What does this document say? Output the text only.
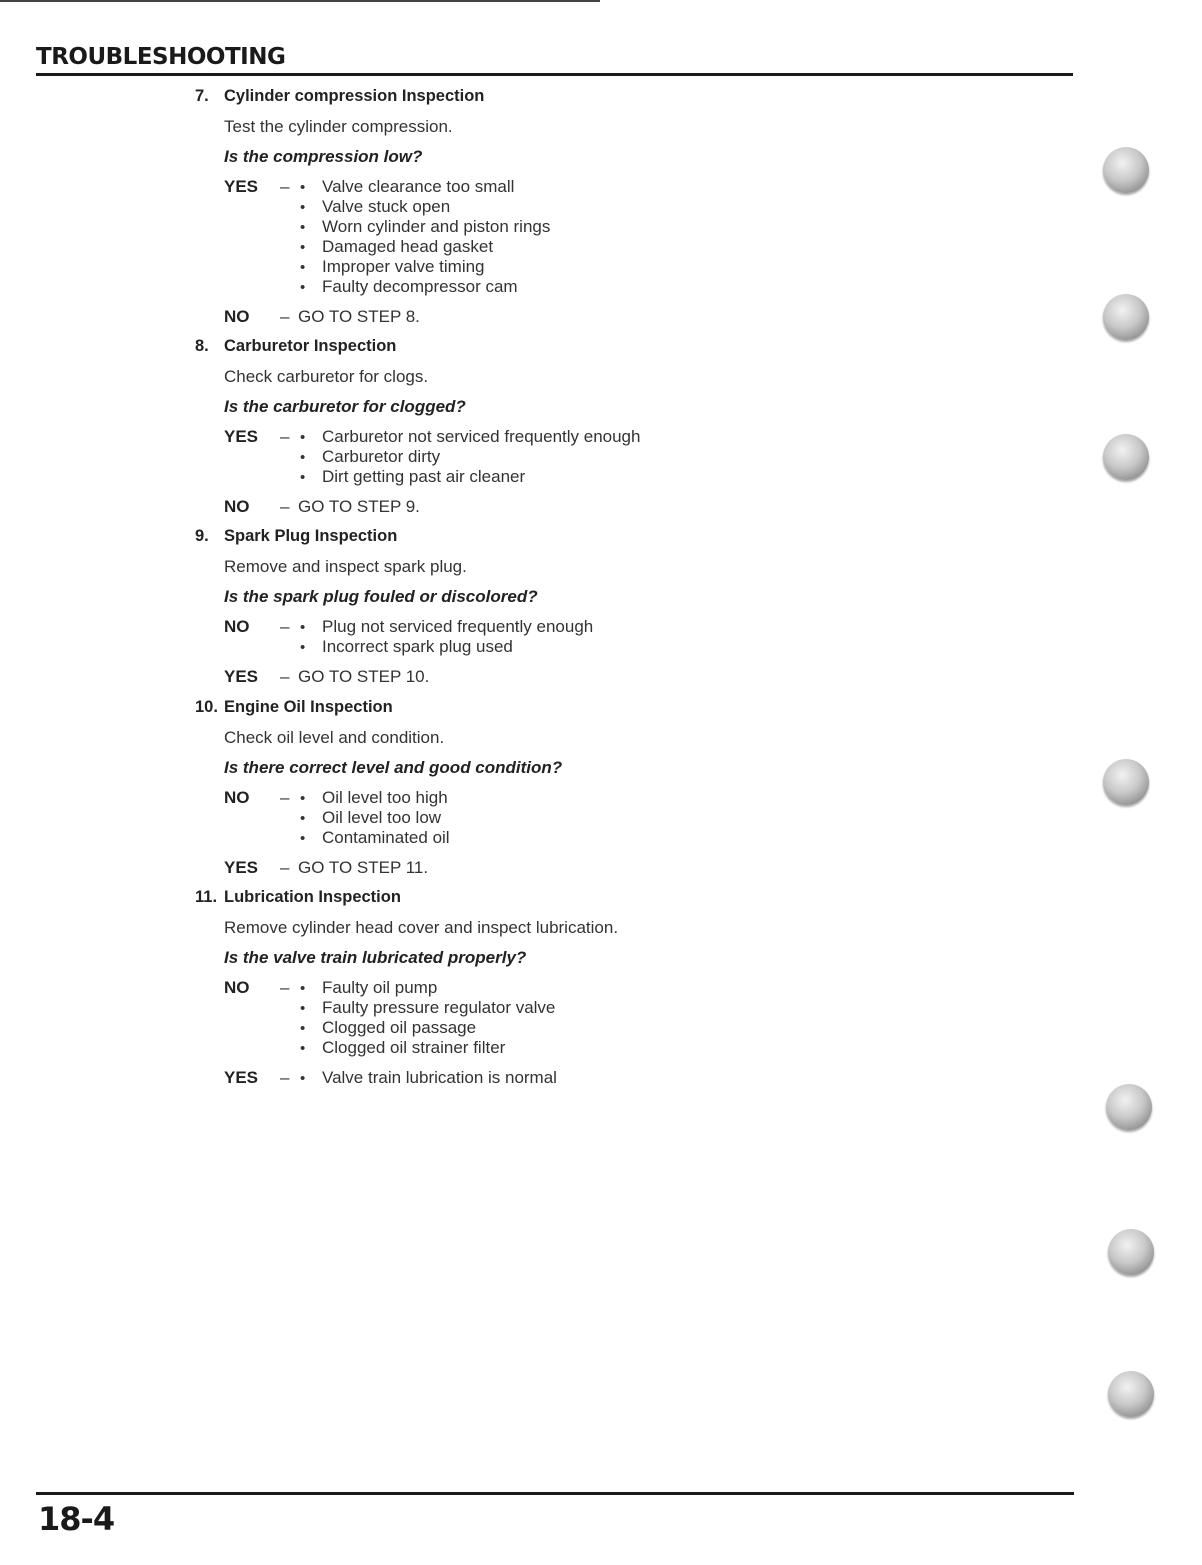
TROUBLESHOOTING
7. Cylinder compression Inspection
Test the cylinder compression.
Is the compression low?
YES –	• Valve clearance too small
• Valve stuck open
• Worn cylinder and piston rings
• Damaged head gasket
• Improper valve timing
• Faulty decompressor cam
NO – GO TO STEP 8.
8. Carburetor Inspection
Check carburetor for clogs.
Is the carburetor for clogged?
YES –	• Carburetor not serviced frequently enough
• Carburetor dirty
• Dirt getting past air cleaner
NO – GO TO STEP 9.
9. Spark Plug Inspection
Remove and inspect spark plug.
Is the spark plug fouled or discolored?
NO –	• Plug not serviced frequently enough
• Incorrect spark plug used
YES – GO TO STEP 10.
10. Engine Oil Inspection
Check oil level and condition.
Is there correct level and good condition?
NO –	• Oil level too high
• Oil level too low
• Contaminated oil
YES – GO TO STEP 11.
11. Lubrication Inspection
Remove cylinder head cover and inspect lubrication.
Is the valve train lubricated properly?
NO –	• Faulty oil pump
• Faulty pressure regulator valve
• Clogged oil passage
• Clogged oil strainer filter
YES –	• Valve train lubrication is normal
18-4
